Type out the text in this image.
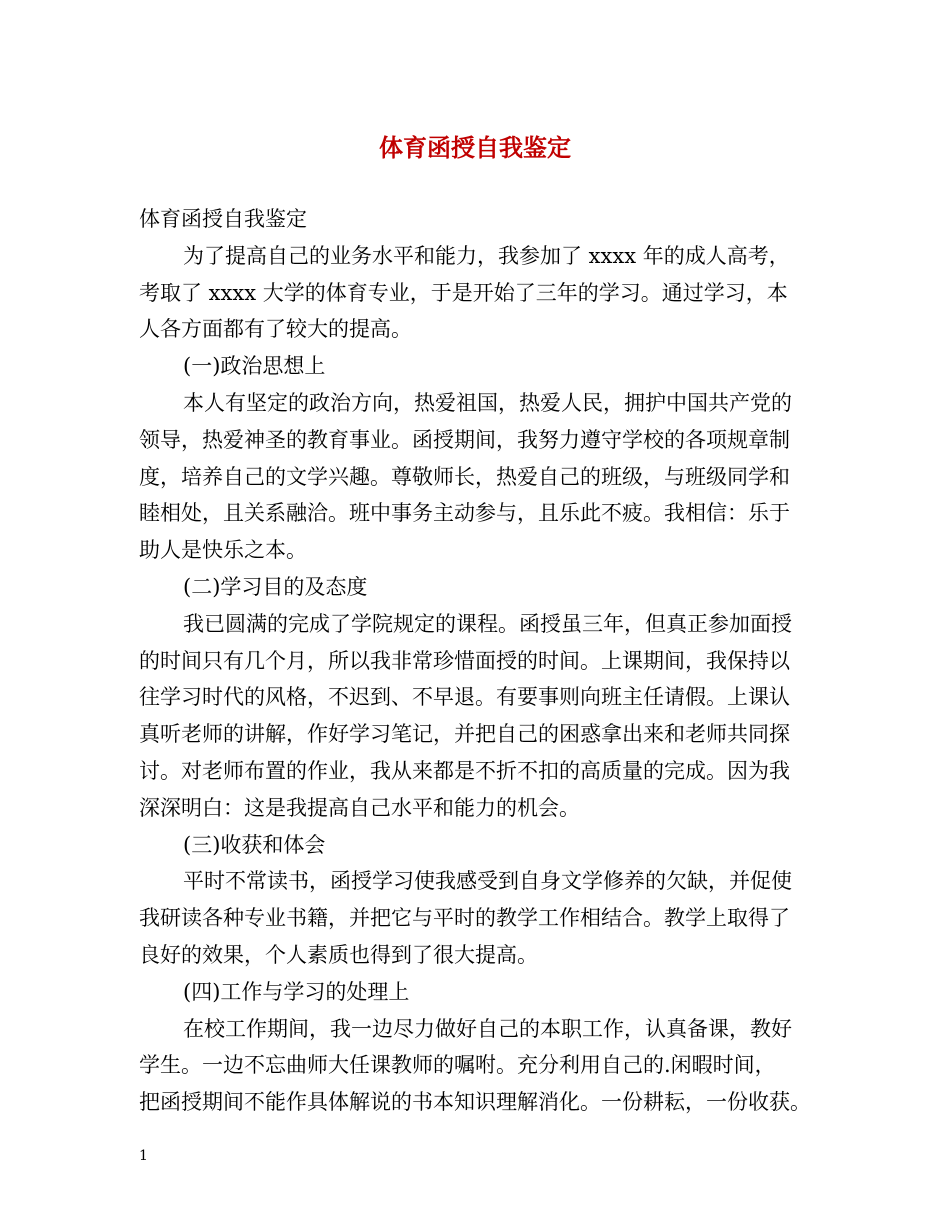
体育函授自我鉴定

体育函授自我鉴定

为了提高自己的业务水平和能力，我参加了 xxxx 年的成人高考，

考取了 xxxx 大学的体育专业，于是开始了三年的学习。通过学习，本

人各方面都有了较大的提高。

(一)政治思想上

本人有坚定的政治方向，热爱祖国，热爱人民，拥护中国共产党的

领导，热爱神圣的教育事业。函授期间，我努力遵守学校的各项规章制

度，培养自己的文学兴趣。尊敬师长，热爱自己的班级，与班级同学和

睦相处，且关系融洽。班中事务主动参与，且乐此不疲。我相信：乐于

助人是快乐之本。

(二)学习目的及态度

我已圆满的完成了学院规定的课程。函授虽三年，但真正参加面授

的时间只有几个月，所以我非常珍惜面授的时间。上课期间，我保持以

往学习时代的风格，不迟到、不早退。有要事则向班主任请假。上课认

真听老师的讲解，作好学习笔记，并把自己的困惑拿出来和老师共同探

讨。对老师布置的作业，我从来都是不折不扣的高质量的完成。因为我

深深明白：这是我提高自己水平和能力的机会。

(三)收获和体会

平时不常读书，函授学习使我感受到自身文学修养的欠缺，并促使

我研读各种专业书籍，并把它与平时的教学工作相结合。教学上取得了

良好的效果，个人素质也得到了很大提高。

(四)工作与学习的处理上

在校工作期间，我一边尽力做好自己的本职工作，认真备课，教好

学生。一边不忘曲师大任课教师的嘱咐。充分利用自己的.闲暇时间，

把函授期间不能作具体解说的书本知识理解消化。一份耕耘，一份收获。

1
